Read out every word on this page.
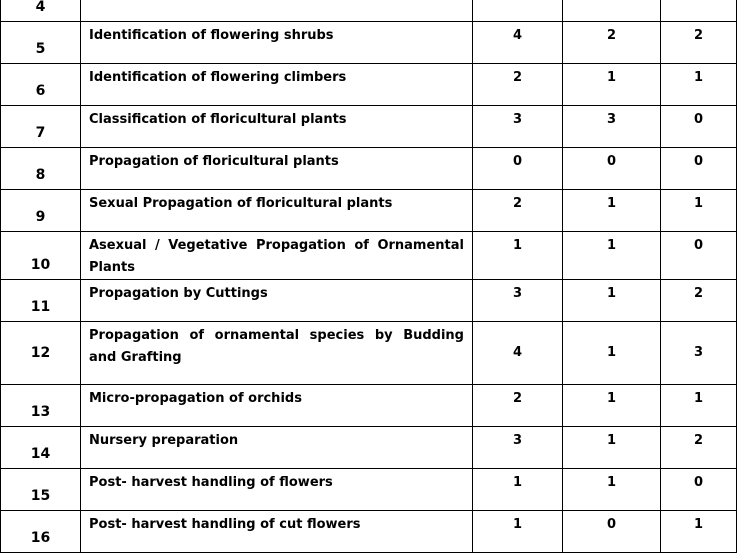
4				
5	Identification of flowering shrubs	4	2	2
6	Identification of flowering climbers	2	1	1
7	Classification of floricultural plants	3	3	0
8	Propagation of floricultural plants	0	0	0
9	Sexual Propagation of floricultural plants	2	1	1
10	Asexual / Vegetative Propagation of Ornamental Plants	1	1	0
11	Propagation by Cuttings	3	1	2
12	Propagation of ornamental species by Budding and Grafting	4	1	3
13	Micro-propagation of orchids	2	1	1
14	Nursery preparation	3	1	2
15	Post- harvest handling of flowers	1	1	0
16	Post- harvest handling of cut flowers	1	0	1
